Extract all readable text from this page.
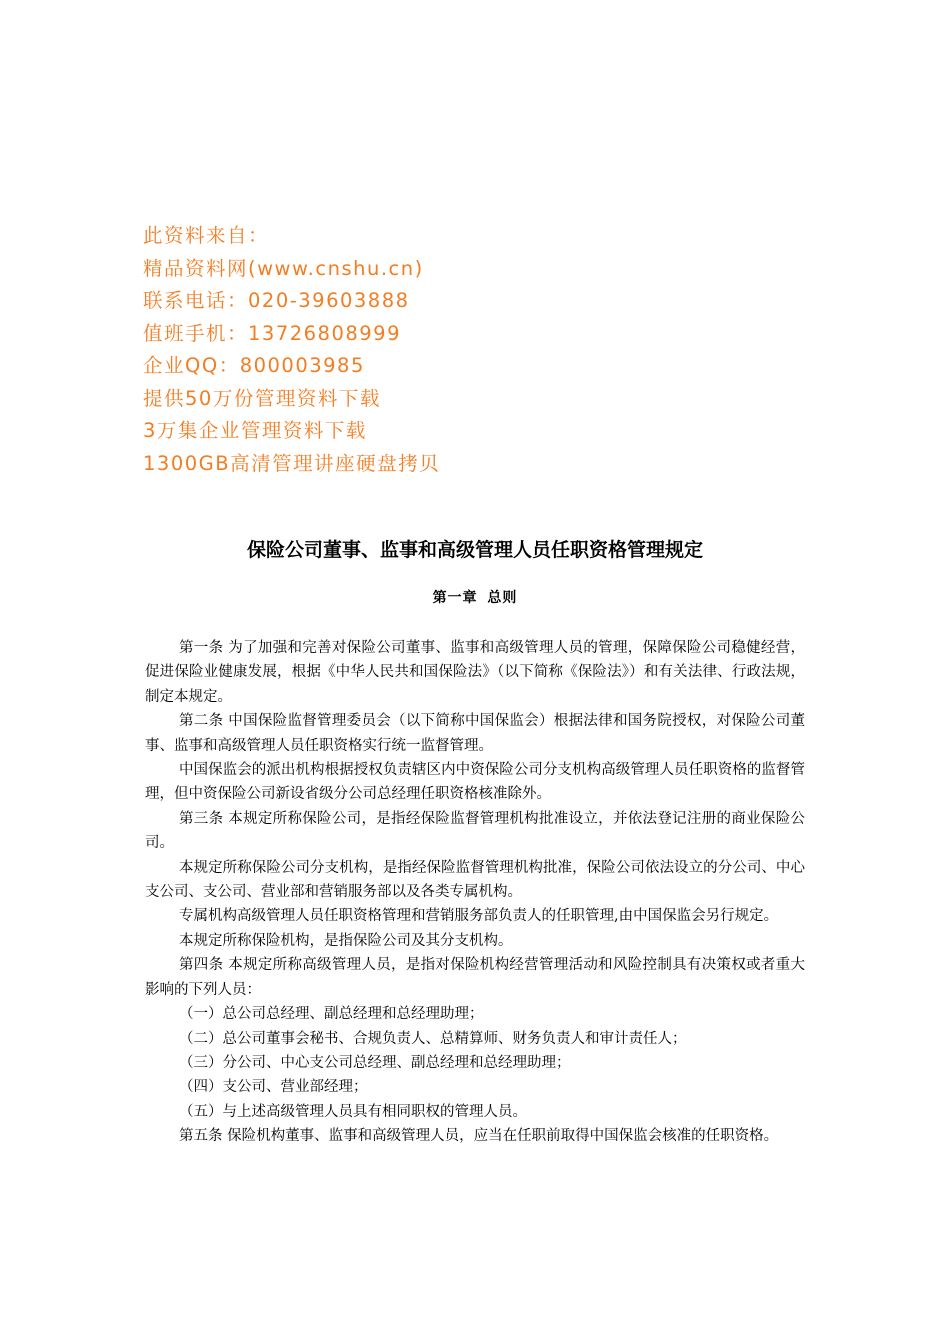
此资料来自：
精品资料网(www.cnshu.cn)
联系电话：020-39603888
值班手机：13726808999
企业QQ：800003985
提供50万份管理资料下载
3万集企业管理资料下载
1300GB高清管理讲座硬盘拷贝
保险公司董事、监事和高级管理人员任职资格管理规定
第一章 总则

第一条 为了加强和完善对保险公司董事、监事和高级管理人员的管理，保障保险公司稳健经营，促进保险业健康发展，根据《中华人民共和国保险法》（以下简称《保险法》）和有关法律、行政法规，制定本规定。

第二条 中国保险监督管理委员会（以下简称中国保监会）根据法律和国务院授权，对保险公司董事、监事和高级管理人员任职资格实行统一监督管理。

中国保监会的派出机构根据授权负责辖区内中资保险公司分支机构高级管理人员任职资格的监督管理，但中资保险公司新设省级分公司总经理任职资格核准除外。

第三条 本规定所称保险公司，是指经保险监督管理机构批准设立，并依法登记注册的商业保险公司。

本规定所称保险公司分支机构，是指经保险监督管理机构批准，保险公司依法设立的分公司、中心支公司、支公司、营业部和营销服务部以及各类专属机构。

专属机构高级管理人员任职资格管理和营销服务部负责人的任职管理,由中国保监会另行规定。

本规定所称保险机构，是指保险公司及其分支机构。

第四条 本规定所称高级管理人员，是指对保险机构经营管理活动和风险控制具有决策权或者重大影响的下列人员：

（一）总公司总经理、副总经理和总经理助理；

（二）总公司董事会秘书、合规负责人、总精算师、财务负责人和审计责任人；

（三）分公司、中心支公司总经理、副总经理和总经理助理；

（四）支公司、营业部经理；

（五）与上述高级管理人员具有相同职权的管理人员。

第五条 保险机构董事、监事和高级管理人员，应当在任职前取得中国保监会核准的任职资格。
